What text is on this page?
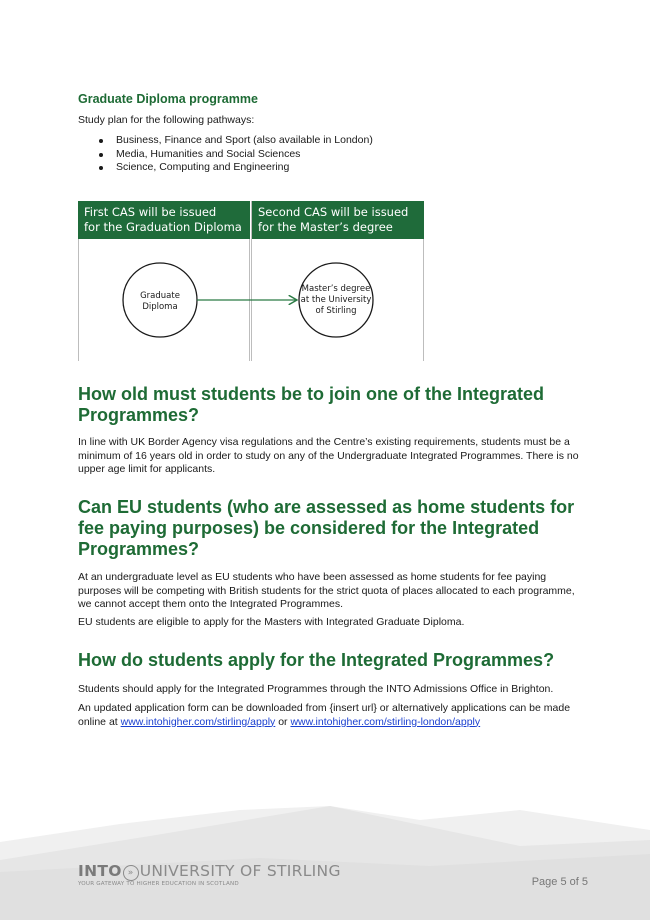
Graduate Diploma programme

Study plan for the following pathways:

Business, Finance and Sport (also available in London)
Media, Humanities and Social Sciences
Science, Computing and Engineering
First CAS will be issued
for the Graduation Diploma
Second CAS will be issued
for the Master’s degree
Graduate
Diploma
Master’s degree
at the University
of Stirling
How old must students be to join one of the Integrated Programmes?

In line with UK Border Agency visa regulations and the Centre’s existing requirements, students must be a minimum of 16 years old in order to study on any of the Undergraduate Integrated Programmes. There is no upper age limit for applicants.

Can EU students (who are assessed as home students for fee paying purposes) be considered for the Integrated Programmes?

At an undergraduate level as EU students who have been assessed as home students for fee paying purposes will be competing with British students for the strict quota of places allocated to each programme, we cannot accept them onto the Integrated Programmes.

EU students are eligible to apply for the Masters with Integrated Graduate Diploma.

How do students apply for the Integrated Programmes?

Students should apply for the Integrated Programmes through the INTO Admissions Office in Brighton.

An updated application form can be downloaded from {insert url} or alternatively applications can be made online at www.intohigher.com/stirling/apply or www.intohigher.com/stirling-london/apply

INTO » UNIVERSITY OF STIRLING

YOUR GATEWAY TO HIGHER EDUCATION IN SCOTLAND	Page 5 of 5
